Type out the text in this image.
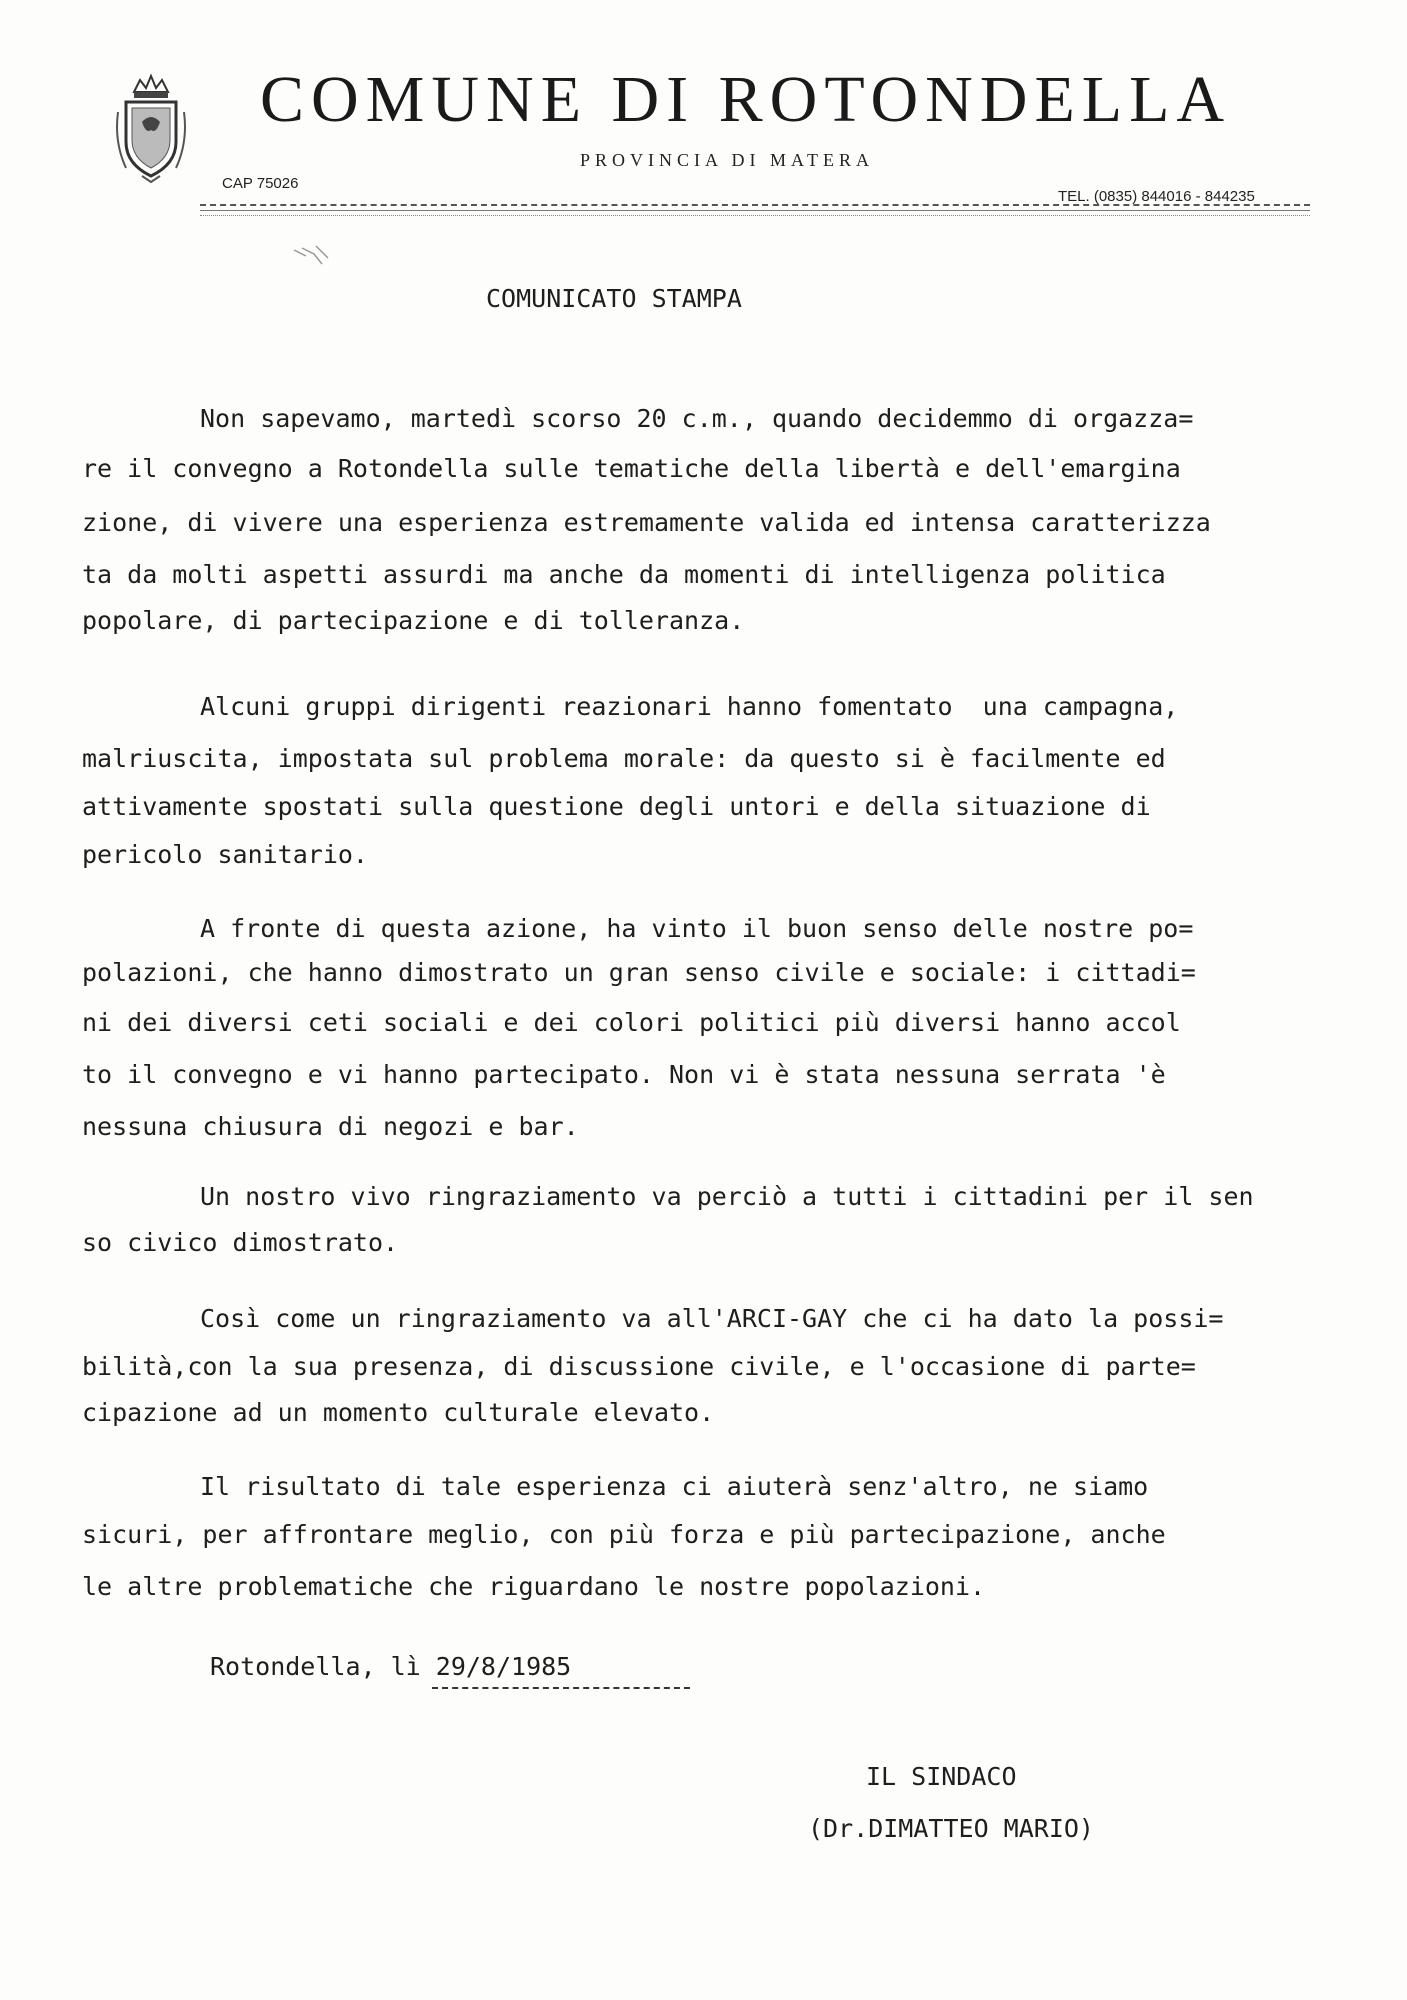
COMUNE DI ROTONDELLA
PROVINCIA DI MATERA
CAP 75026
TEL. (0835) 844016 - 844235
COMUNICATO STAMPA
Non sapevamo, martedì scorso 20 c.m., quando decidemmo di orgazza=
re il convegno a Rotondella sulle tematiche della libertà e dell'emargina
zione, di vivere una esperienza estremamente valida ed intensa caratterizza
ta da molti aspetti assurdi ma anche da momenti di intelligenza politica
popolare, di partecipazione e di tolleranza.
Alcuni gruppi dirigenti reazionari hanno fomentato  una campagna,
malriuscita, impostata sul problema morale: da questo si è facilmente ed
attivamente spostati sulla questione degli untori e della situazione di
pericolo sanitario.
A fronte di questa azione, ha vinto il buon senso delle nostre po=
polazioni, che hanno dimostrato un gran senso civile e sociale: i cittadi=
ni dei diversi ceti sociali e dei colori politici più diversi hanno accol
to il convegno e vi hanno partecipato. Non vi è stata nessuna serrata 'è
nessuna chiusura di negozi e bar.
Un nostro vivo ringraziamento va perciò a tutti i cittadini per il sen
so civico dimostrato.
Così come un ringraziamento va all'ARCI-GAY che ci ha dato la possi=
bilità,con la sua presenza, di discussione civile, e l'occasione di parte=
cipazione ad un momento culturale elevato.
Il risultato di tale esperienza ci aiuterà senz'altro, ne siamo
sicuri, per affrontare meglio, con più forza e più partecipazione, anche
le altre problematiche che riguardano le nostre popolazioni.
Rotondella, lì 29/8/1985
IL SINDACO
(Dr.DIMATTEO MARIO)
